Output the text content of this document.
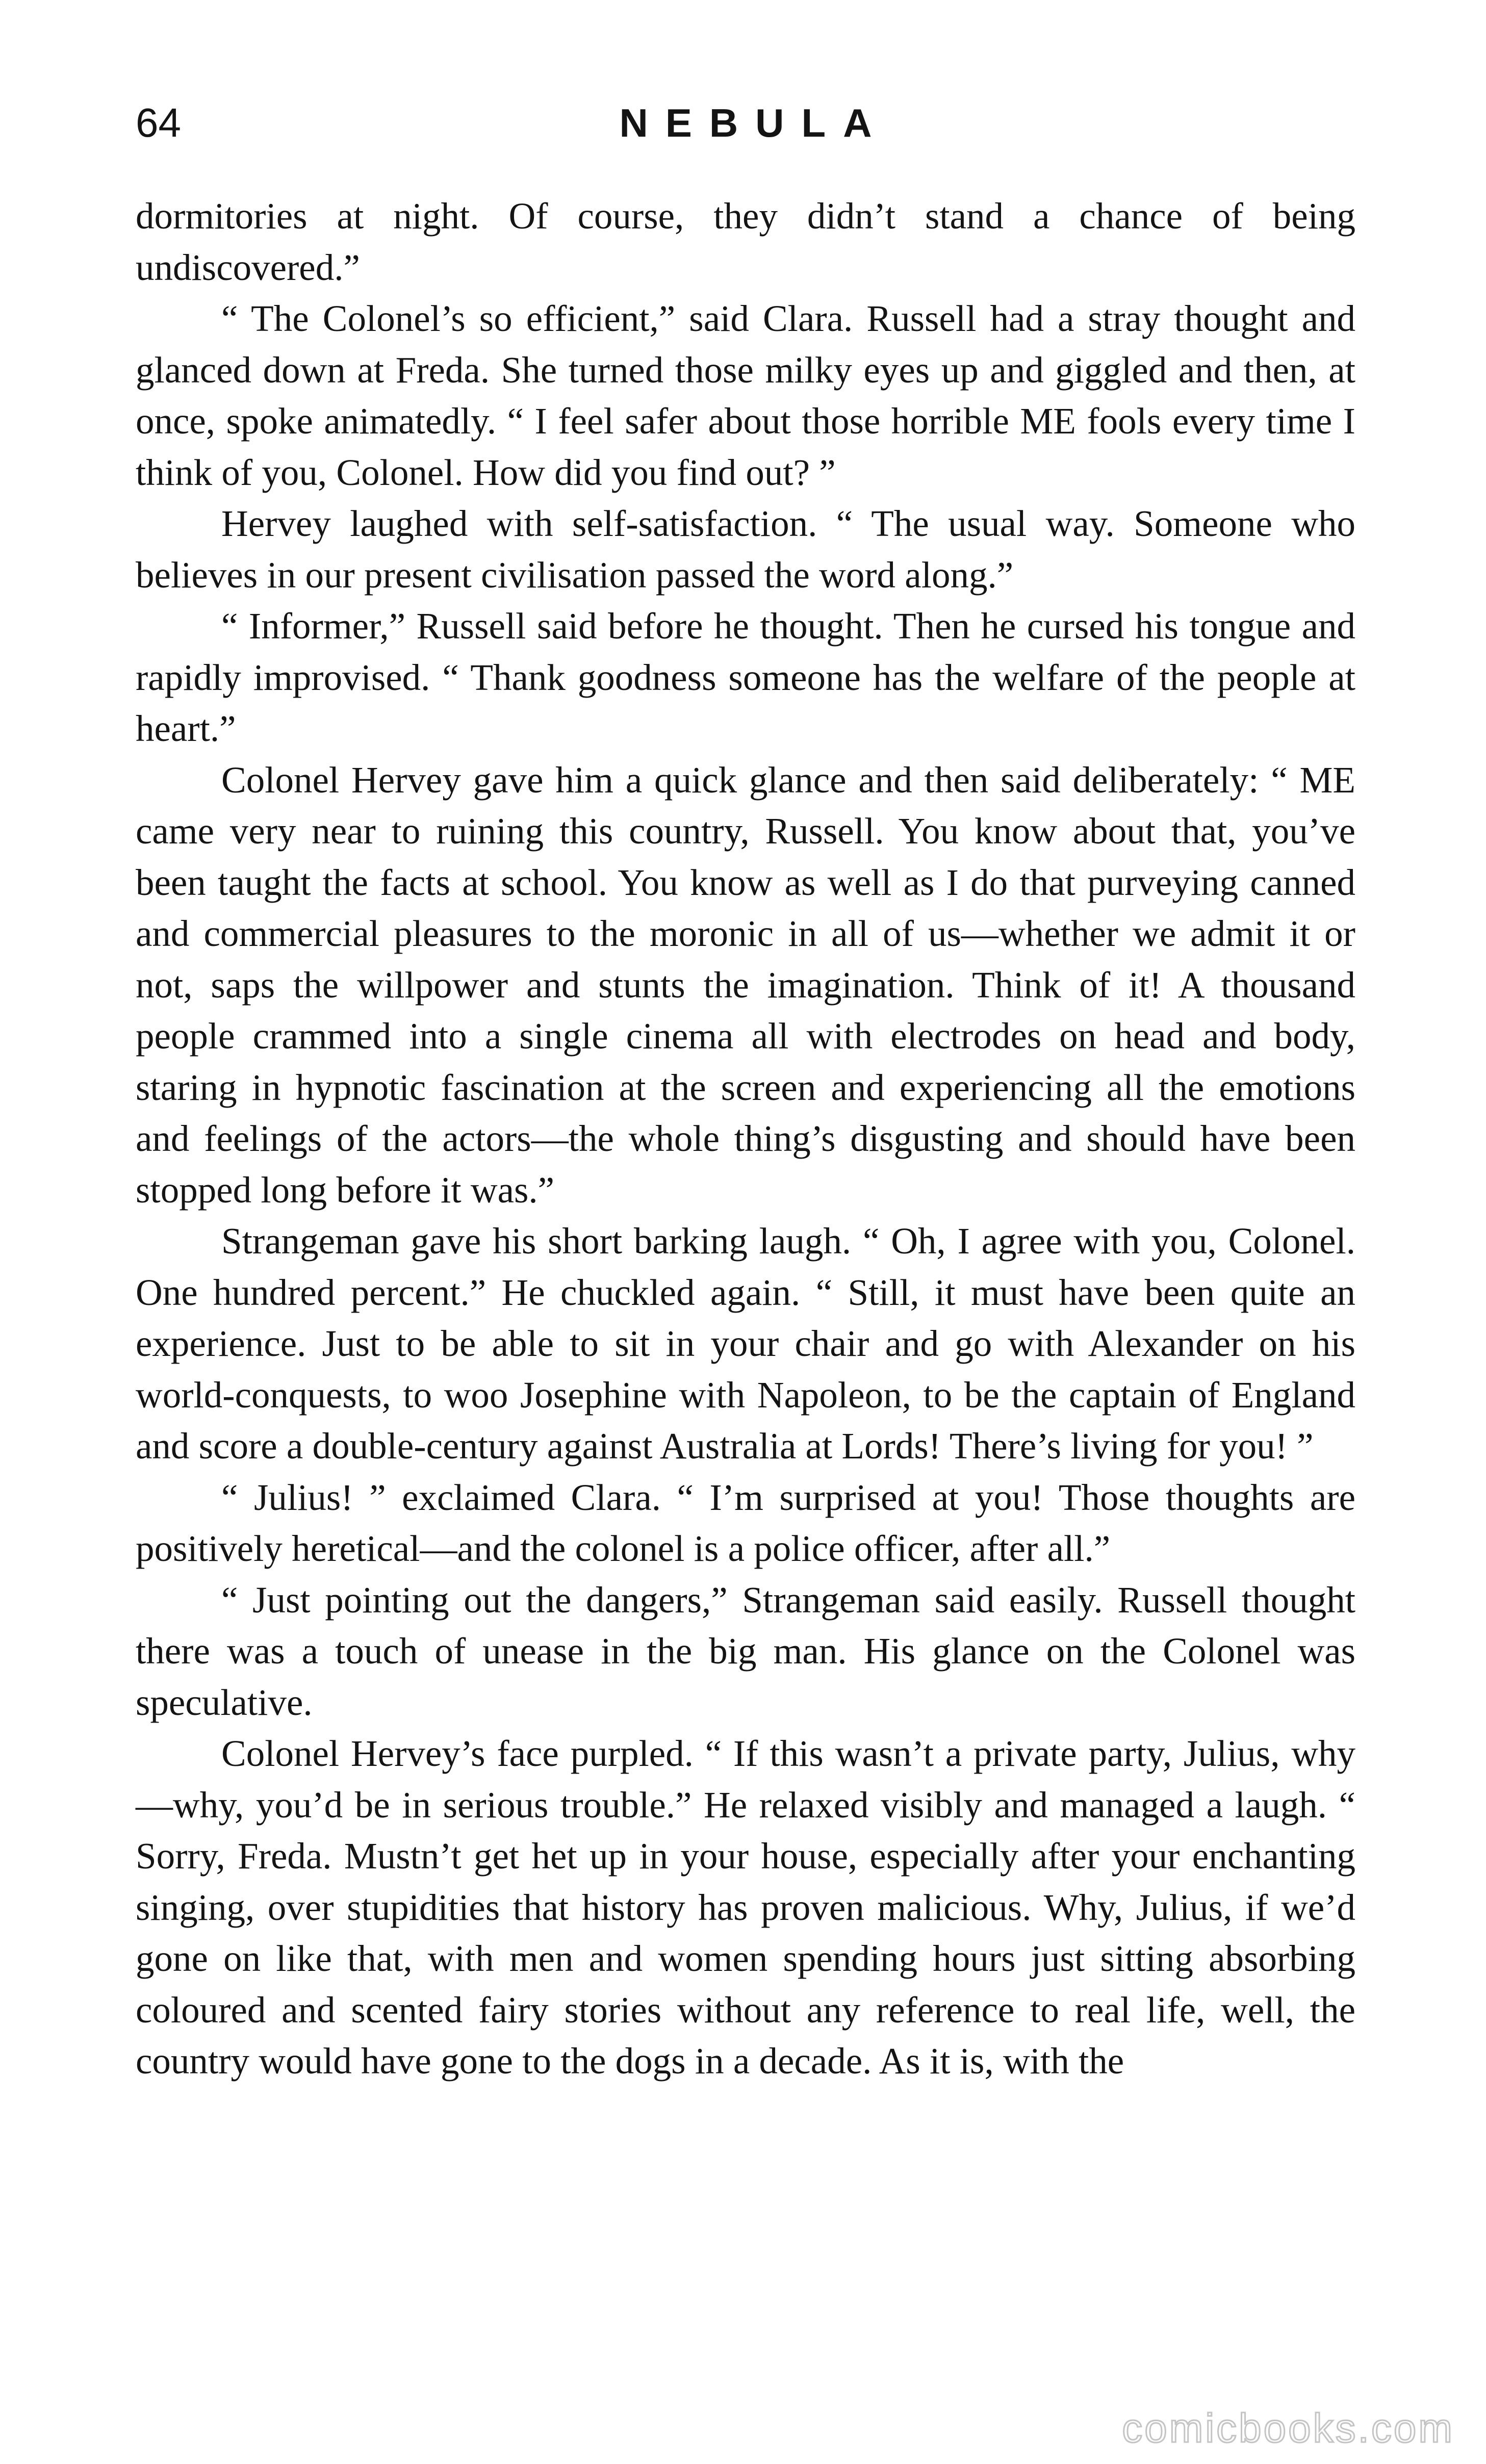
64	NEBULA

dormitories at night. Of course, they didn’t stand a chance of being undiscovered.”

“ The Colonel’s so efficient,” said Clara. Russell had a stray thought and glanced down at Freda. She turned those milky eyes up and giggled and then, at once, spoke animatedly. “ I feel safer about those horrible ME fools every time I think of you, Colonel. How did you find out? ”

Hervey laughed with self-satisfaction. “ The usual way. Someone who believes in our present civilisation passed the word along.”

“ Informer,” Russell said before he thought. Then he cursed his tongue and rapidly improvised. “ Thank goodness someone has the welfare of the people at heart.”

Colonel Hervey gave him a quick glance and then said deliberately: “ ME came very near to ruining this country, Russell. You know about that, you’ve been taught the facts at school. You know as well as I do that purveying canned and commercial pleasures to the moronic in all of us—whether we admit it or not, saps the willpower and stunts the imagination. Think of it! A thousand people crammed into a single cinema all with electrodes on head and body, staring in hypnotic fascination at the screen and experiencing all the emotions and feelings of the actors—the whole thing’s disgusting and should have been stopped long before it was.”

Strangeman gave his short barking laugh. “ Oh, I agree with you, Colonel. One hundred percent.” He chuckled again. “ Still, it must have been quite an experience. Just to be able to sit in your chair and go with Alexander on his world-conquests, to woo Josephine with Napoleon, to be the captain of England and score a double-century against Australia at Lords! There’s living for you! ”

“ Julius! ” exclaimed Clara. “ I’m surprised at you! Those thoughts are positively heretical—and the colonel is a police officer, after all.”

“ Just pointing out the dangers,” Strangeman said easily. Russell thought there was a touch of unease in the big man. His glance on the Colonel was speculative.

Colonel Hervey’s face purpled. “ If this wasn’t a private party, Julius, why—why, you’d be in serious trouble.” He relaxed visibly and managed a laugh. “ Sorry, Freda. Mustn’t get het up in your house, especially after your enchanting singing, over stupidities that history has proven malicious. Why, Julius, if we’d gone on like that, with men and women spending hours just sitting absorbing coloured and scented fairy stories without any reference to real life, well, the country would have gone to the dogs in a decade. As it is, with the

comicbooks.com
